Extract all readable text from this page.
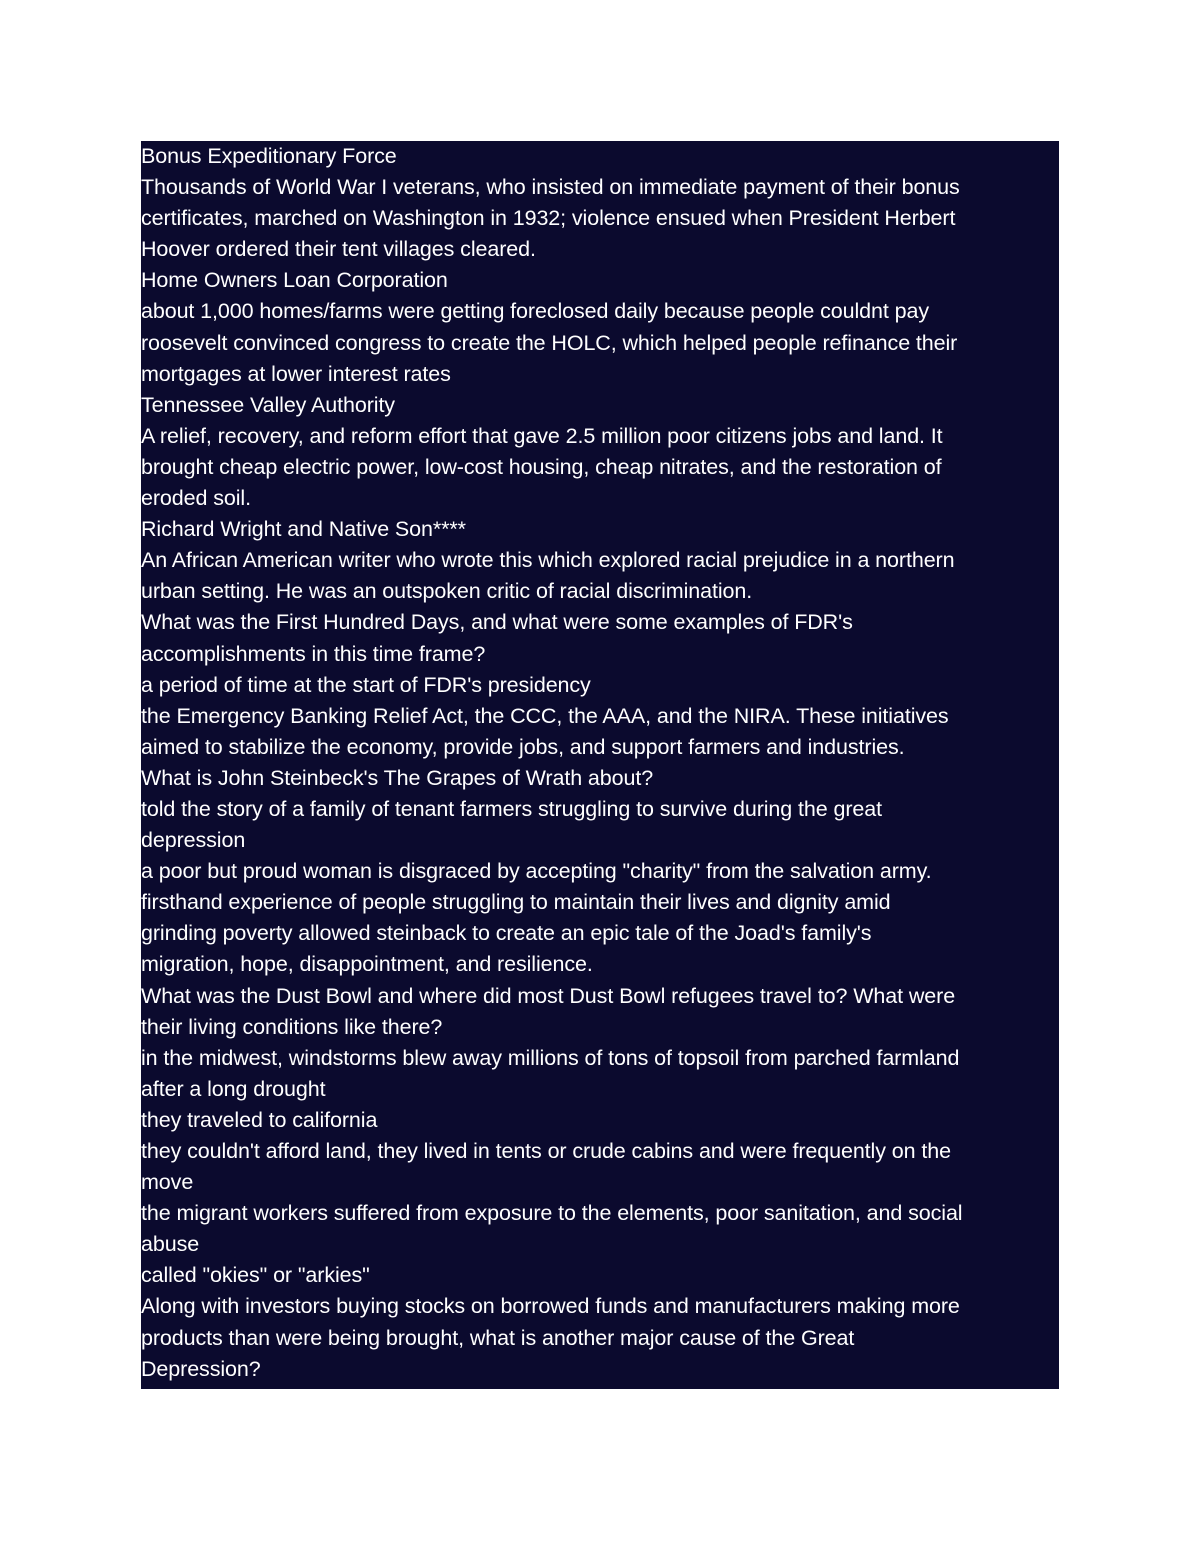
Bonus Expeditionary Force
Thousands of World War I veterans, who insisted on immediate payment of their bonus
certificates, marched on Washington in 1932; violence ensued when President Herbert
Hoover ordered their tent villages cleared.
Home Owners Loan Corporation
about 1,000 homes/farms were getting foreclosed daily because people couldnt pay
roosevelt convinced congress to create the HOLC, which helped people refinance their
mortgages at lower interest rates
Tennessee Valley Authority
A relief, recovery, and reform effort that gave 2.5 million poor citizens jobs and land. It
brought cheap electric power, low-cost housing, cheap nitrates, and the restoration of
eroded soil.
Richard Wright and Native Son****
An African American writer who wrote this which explored racial prejudice in a northern
urban setting. He was an outspoken critic of racial discrimination.
What was the First Hundred Days, and what were some examples of FDR's
accomplishments in this time frame?
a period of time at the start of FDR's presidency
the Emergency Banking Relief Act, the CCC, the AAA, and the NIRA. These initiatives
aimed to stabilize the economy, provide jobs, and support farmers and industries.
What is John Steinbeck's The Grapes of Wrath about?
told the story of a family of tenant farmers struggling to survive during the great
depression
a poor but proud woman is disgraced by accepting "charity" from the salvation army.
firsthand experience of people struggling to maintain their lives and dignity amid
grinding poverty allowed steinback to create an epic tale of the Joad's family's
migration, hope, disappointment, and resilience.
What was the Dust Bowl and where did most Dust Bowl refugees travel to? What were
their living conditions like there?
in the midwest, windstorms blew away millions of tons of topsoil from parched farmland
after a long drought
they traveled to california
they couldn't afford land, they lived in tents or crude cabins and were frequently on the
move
the migrant workers suffered from exposure to the elements, poor sanitation, and social
abuse
called "okies" or "arkies"
Along with investors buying stocks on borrowed funds and manufacturers making more
products than were being brought, what is another major cause of the Great
Depression?
